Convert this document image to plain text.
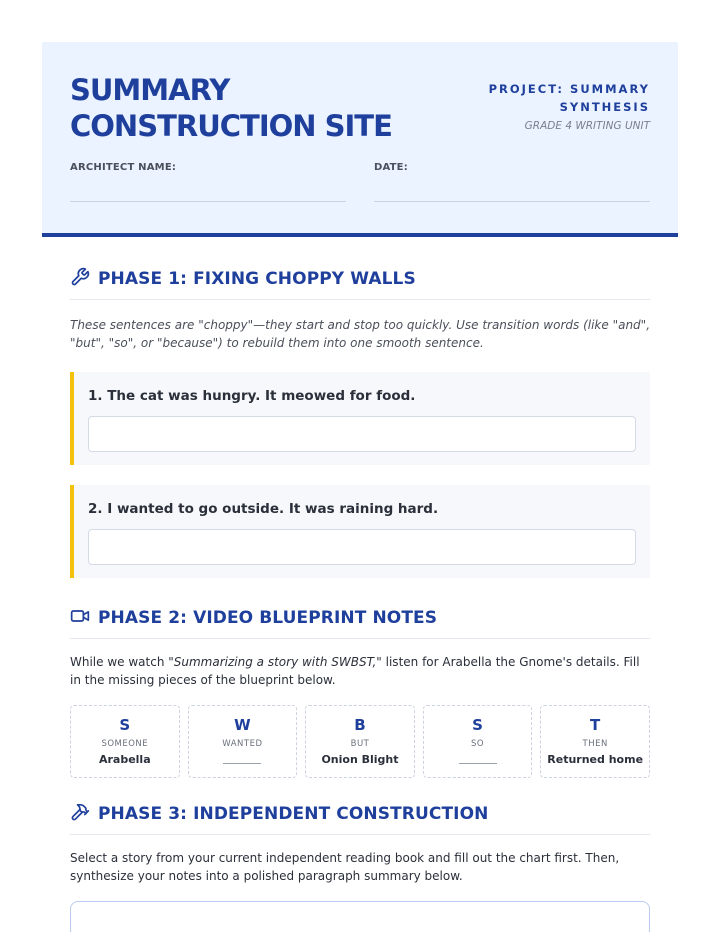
SUMMARY
CONSTRUCTION SITE
PROJECT: SUMMARY
SYNTHESIS
GRADE 4 WRITING UNIT
ARCHITECT NAME:	DATE:
PHASE 1: FIXING CHOPPY WALLS

These sentences are "choppy"—they start and stop too quickly. Use transition words (like "and", "but", "so", or "because") to rebuild them into one smooth sentence.

1. The cat was hungry. It meowed for food.
2. I wanted to go outside. It was raining hard.
PHASE 2: VIDEO BLUEPRINT NOTES

While we watch "Summarizing a story with SWBST," listen for Arabella the Gnome's details. Fill in the missing pieces of the blueprint below.

S
SOMEONE
Arabella
W
WANTED
B
BUT
Onion Blight
S
SO
T
THEN
Returned home
PHASE 3: INDEPENDENT CONSTRUCTION

Select a story from your current independent reading book and fill out the chart first. Then, synthesize your notes into a polished paragraph summary below.
